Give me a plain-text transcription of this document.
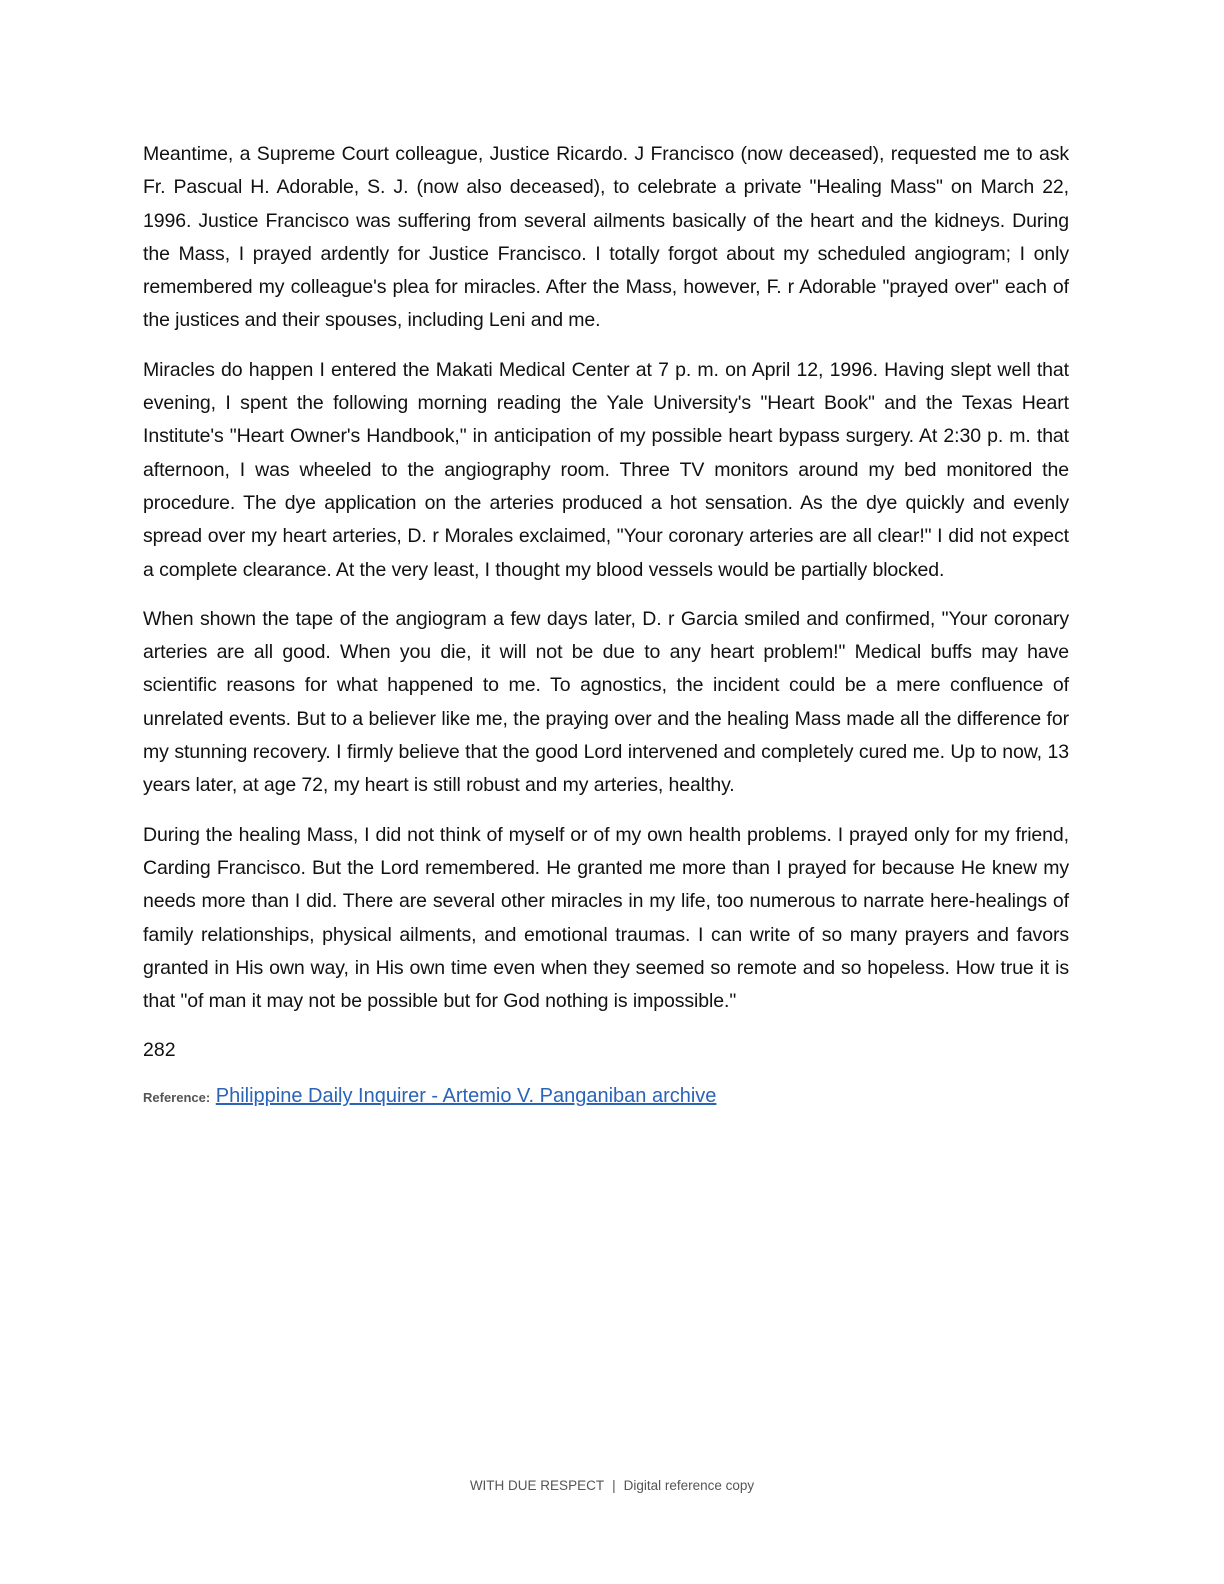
Meantime, a Supreme Court colleague, Justice Ricardo. J Francisco (now deceased), requested me to ask Fr. Pascual H. Adorable, S. J. (now also deceased), to celebrate a private "Healing Mass" on March 22, 1996. Justice Francisco was suffering from several ailments basically of the heart and the kidneys. During the Mass, I prayed ardently for Justice Francisco. I totally forgot about my scheduled angiogram; I only remembered my colleague's plea for miracles. After the Mass, however, F. r Adorable "prayed over" each of the justices and their spouses, including Leni and me.

Miracles do happen I entered the Makati Medical Center at 7 p. m. on April 12, 1996. Having slept well that evening, I spent the following morning reading the Yale University's "Heart Book" and the Texas Heart Institute's "Heart Owner's Handbook," in anticipation of my possible heart bypass surgery. At 2:30 p. m. that afternoon, I was wheeled to the angiography room. Three TV monitors around my bed monitored the procedure. The dye application on the arteries produced a hot sensation. As the dye quickly and evenly spread over my heart arteries, D. r Morales exclaimed, "Your coronary arteries are all clear!" I did not expect a complete clearance. At the very least, I thought my blood vessels would be partially blocked.

When shown the tape of the angiogram a few days later, D. r Garcia smiled and confirmed, "Your coronary arteries are all good. When you die, it will not be due to any heart problem!" Medical buffs may have scientific reasons for what happened to me. To agnostics, the incident could be a mere confluence of unrelated events. But to a believer like me, the praying over and the healing Mass made all the difference for my stunning recovery. I firmly believe that the good Lord intervened and completely cured me. Up to now, 13 years later, at age 72, my heart is still robust and my arteries, healthy.

During the healing Mass, I did not think of myself or of my own health problems. I prayed only for my friend, Carding Francisco. But the Lord remembered. He granted me more than I prayed for because He knew my needs more than I did. There are several other miracles in my life, too numerous to narrate here-healings of family relationships, physical ailments, and emotional traumas. I can write of so many prayers and favors granted in His own way, in His own time even when they seemed so remote and so hopeless. How true it is that "of man it may not be possible but for God nothing is impossible."

282
Reference: Philippine Daily Inquirer - Artemio V. Panganiban archive
WITH DUE RESPECT | Digital reference copy
